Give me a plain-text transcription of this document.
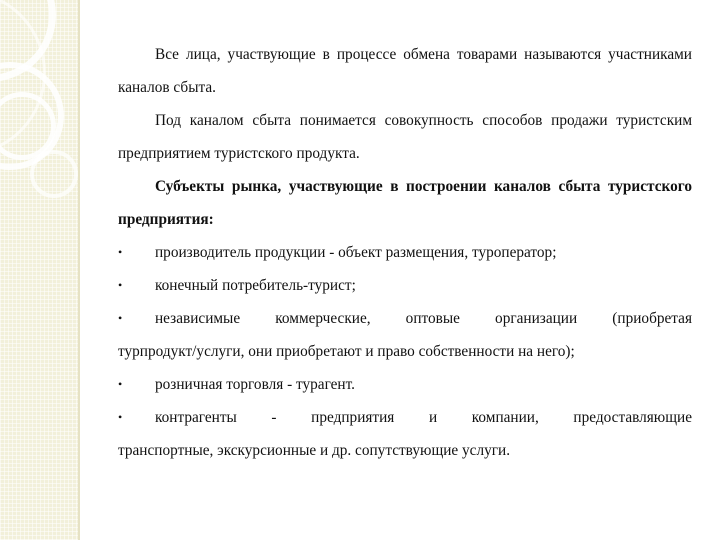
Все лица, участвующие в процессе обмена товарами называются участниками каналов сбыта.

Под каналом сбыта понимается совокупность способов продажи туристским предприятием туристского продукта.

Субъекты рынка, участвующие в построении каналов сбыта туристского предприятия:

• производитель продукции - объект размещения, туроператор;
• конечный потребитель-турист;
• независимые коммерческие, оптовые организации (приобретая
турпродукт/услуги, они приобретают и право собственности на него);
• розничная торговля - турагент.
• контрагенты - предприятия и компании, предоставляющие
транспортные, экскурсионные и др. сопутствующие услуги.
